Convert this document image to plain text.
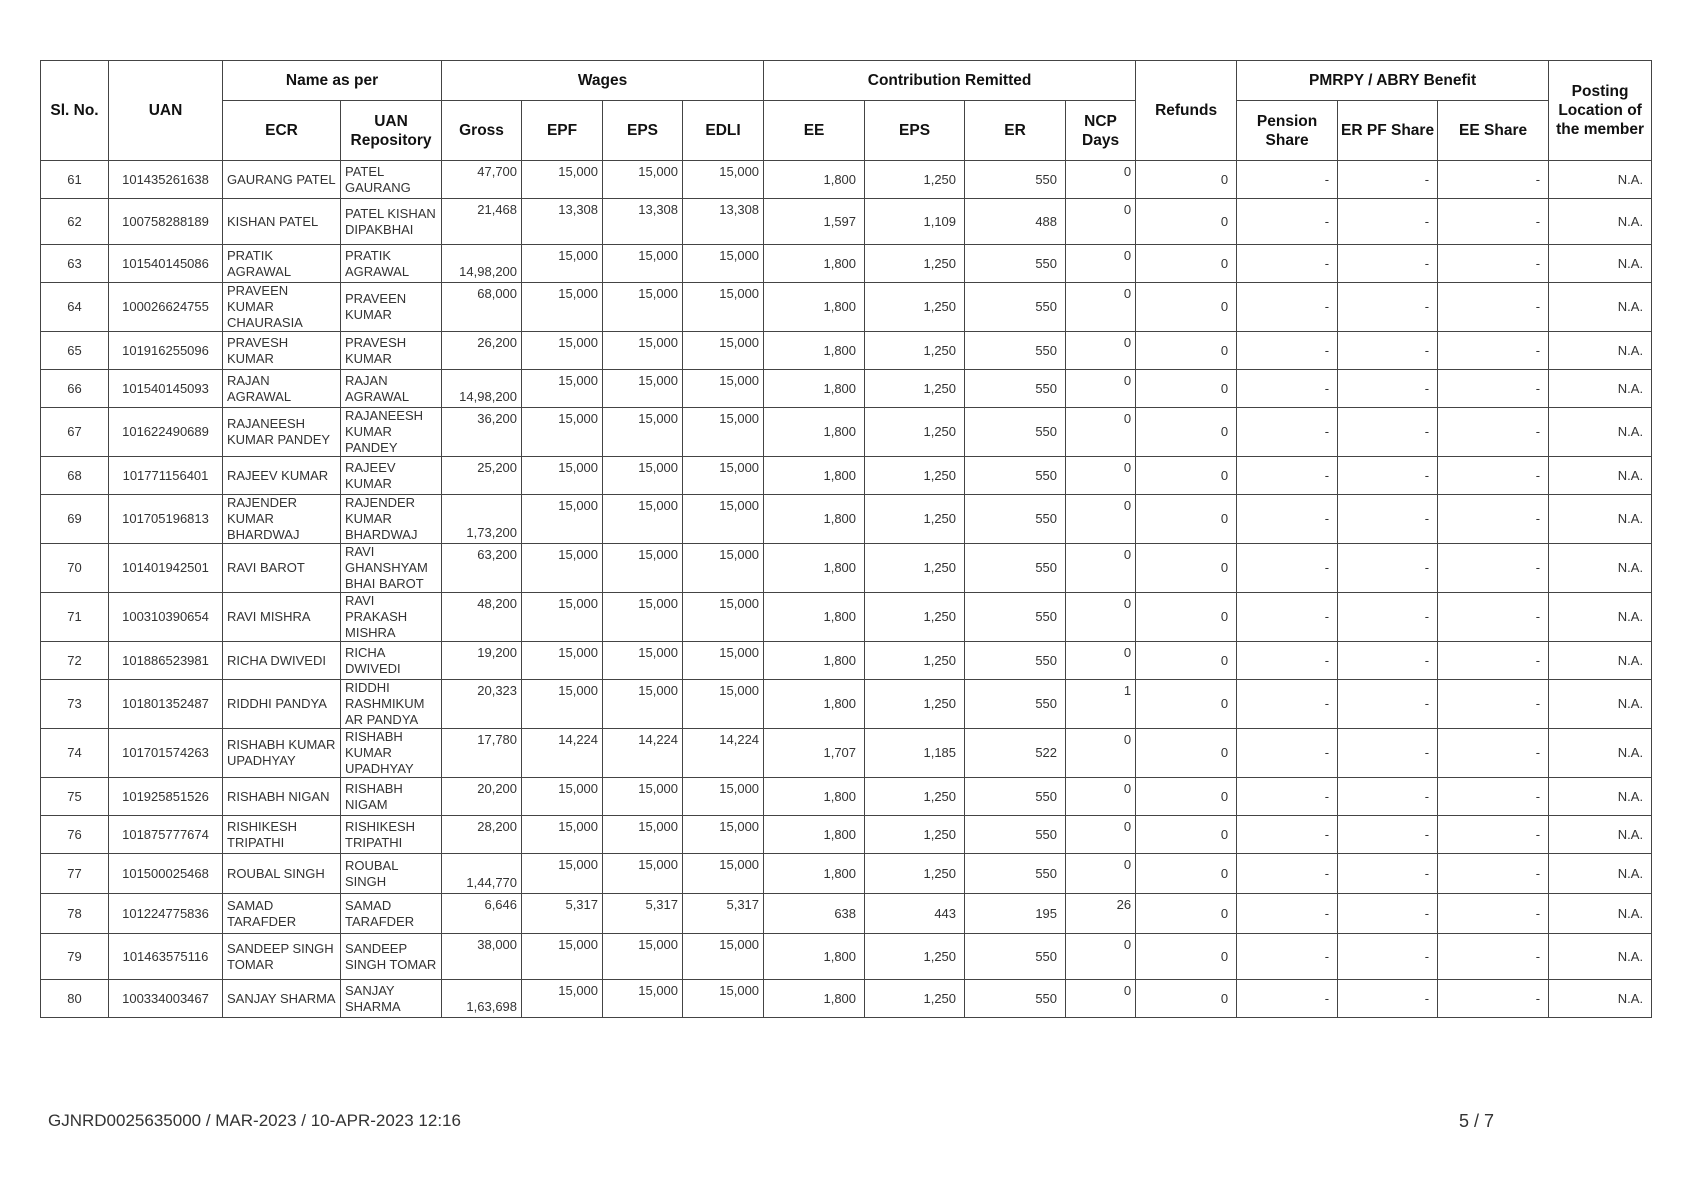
Sl. No.	UAN	Name as per		Wages				Contribution Remitted				Refunds	PMRPY / ABRY Benefit			Posting Location of the member
		ECR	UAN Repository	Gross	EPF	EPS	EDLI	EE	EPS	ER	NCP Days		Pension Share	ER PF Share	EE Share	
61	101435261638	GAURANG PATEL	PATEL GAURANG	47,700	15,000	15,000	15,000	1,800	1,250	550	0	0	-	-	-	N.A.
62	100758288189	KISHAN PATEL	PATEL KISHAN DIPAKBHAI	21,468	13,308	13,308	13,308	1,597	1,109	488	0	0	-	-	-	N.A.
63	101540145086	PRATIK AGRAWAL	PRATIK AGRAWAL	14,98,200	15,000	15,000	15,000	1,800	1,250	550	0	0	-	-	-	N.A.
64	100026624755	PRAVEEN KUMAR CHAURASIA	PRAVEEN KUMAR	68,000	15,000	15,000	15,000	1,800	1,250	550	0	0	-	-	-	N.A.
65	101916255096	PRAVESH KUMAR	PRAVESH KUMAR	26,200	15,000	15,000	15,000	1,800	1,250	550	0	0	-	-	-	N.A.
66	101540145093	RAJAN AGRAWAL	RAJAN AGRAWAL	14,98,200	15,000	15,000	15,000	1,800	1,250	550	0	0	-	-	-	N.A.
67	101622490689	RAJANEESH KUMAR PANDEY	RAJANEESH KUMAR PANDEY	36,200	15,000	15,000	15,000	1,800	1,250	550	0	0	-	-	-	N.A.
68	101771156401	RAJEEV KUMAR	RAJEEV KUMAR	25,200	15,000	15,000	15,000	1,800	1,250	550	0	0	-	-	-	N.A.
69	101705196813	RAJENDER KUMAR BHARDWAJ	RAJENDER KUMAR BHARDWAJ	1,73,200	15,000	15,000	15,000	1,800	1,250	550	0	0	-	-	-	N.A.
70	101401942501	RAVI BAROT	RAVI GHANSHYAM BHAI BAROT	63,200	15,000	15,000	15,000	1,800	1,250	550	0	0	-	-	-	N.A.
71	100310390654	RAVI MISHRA	RAVI PRAKASH MISHRA	48,200	15,000	15,000	15,000	1,800	1,250	550	0	0	-	-	-	N.A.
72	101886523981	RICHA DWIVEDI	RICHA DWIVEDI	19,200	15,000	15,000	15,000	1,800	1,250	550	0	0	-	-	-	N.A.
73	101801352487	RIDDHI PANDYA	RIDDHI RASHMIKUM AR PANDYA	20,323	15,000	15,000	15,000	1,800	1,250	550	1	0	-	-	-	N.A.
74	101701574263	RISHABH KUMAR UPADHYAY	RISHABH KUMAR UPADHYAY	17,780	14,224	14,224	14,224	1,707	1,185	522	0	0	-	-	-	N.A.
75	101925851526	RISHABH NIGAN	RISHABH NIGAM	20,200	15,000	15,000	15,000	1,800	1,250	550	0	0	-	-	-	N.A.
76	101875777674	RISHIKESH TRIPATHI	RISHIKESH TRIPATHI	28,200	15,000	15,000	15,000	1,800	1,250	550	0	0	-	-	-	N.A.
77	101500025468	ROUBAL SINGH	ROUBAL SINGH	1,44,770	15,000	15,000	15,000	1,800	1,250	550	0	0	-	-	-	N.A.
78	101224775836	SAMAD TARAFDER	SAMAD TARAFDER	6,646	5,317	5,317	5,317	638	443	195	26	0	-	-	-	N.A.
79	101463575116	SANDEEP SINGH TOMAR	SANDEEP SINGH TOMAR	38,000	15,000	15,000	15,000	1,800	1,250	550	0	0	-	-	-	N.A.
80	100334003467	SANJAY SHARMA	SANJAY SHARMA	1,63,698	15,000	15,000	15,000	1,800	1,250	550	0	0	-	-	-	N.A.
GJNRD0025635000 / MAR-2023 / 10-APR-2023 12:16	5 / 7
